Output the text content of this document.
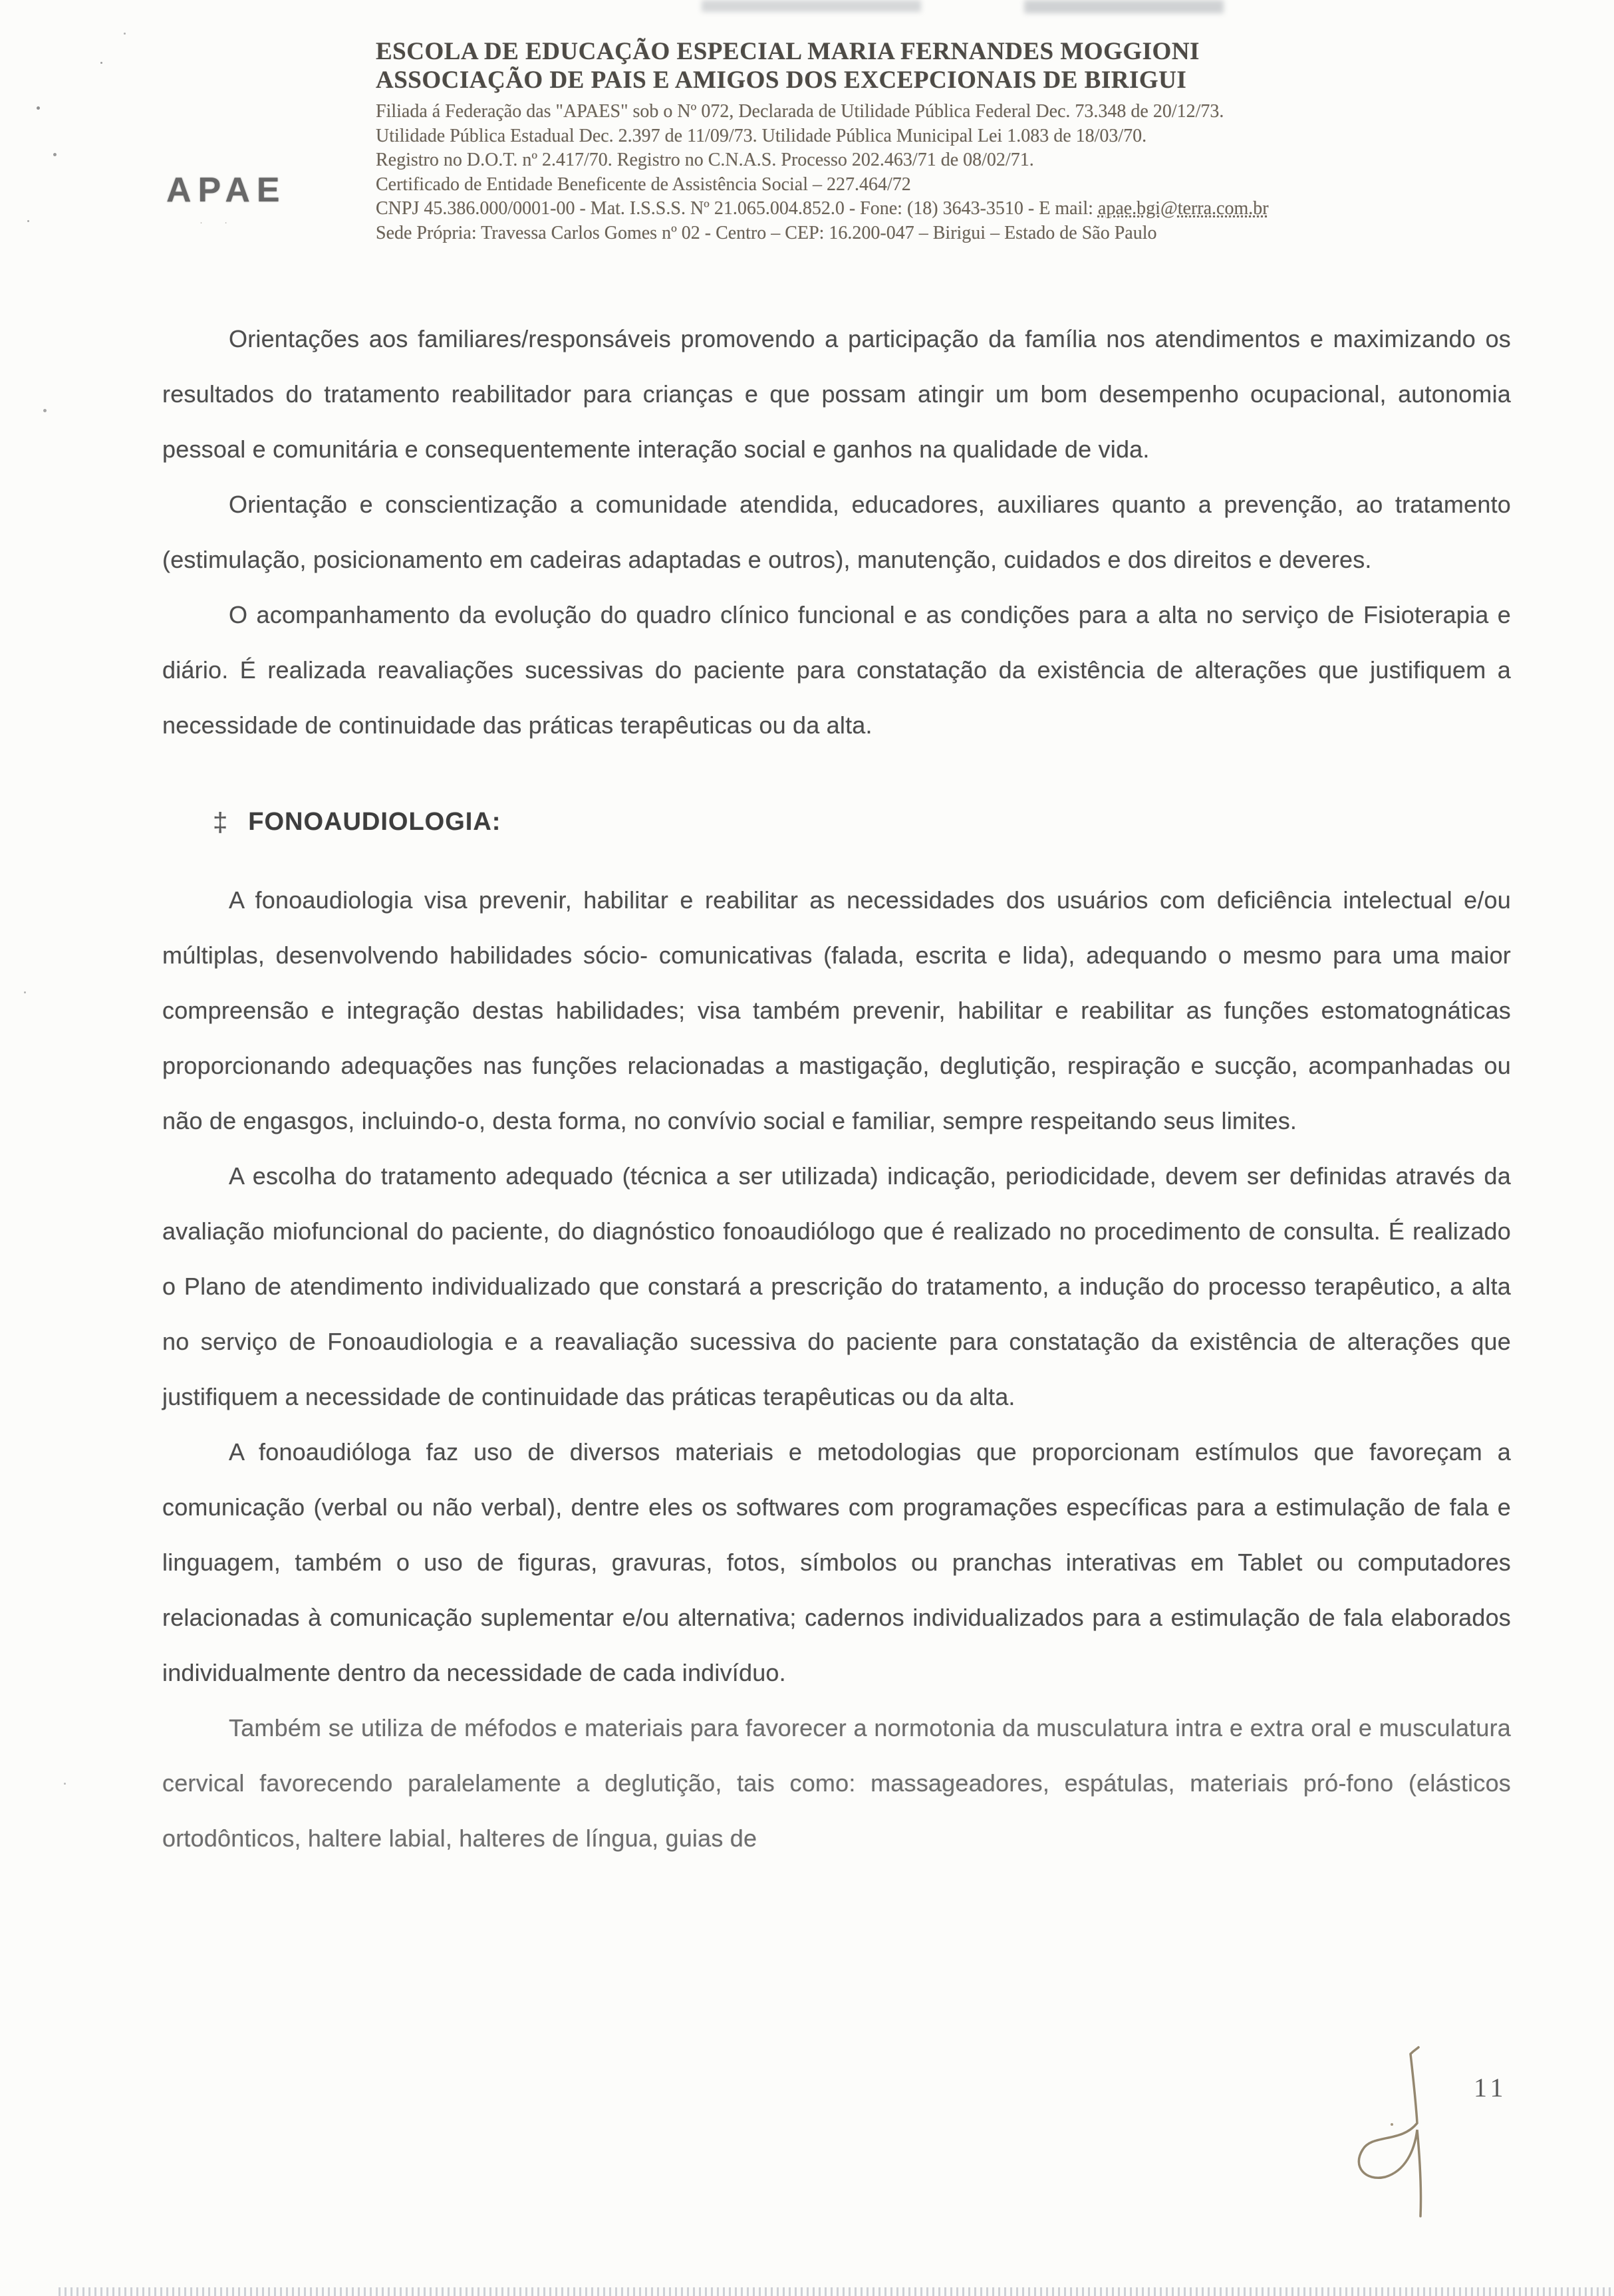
APAE
· ·
ESCOLA DE EDUCAÇÃO ESPECIAL MARIA FERNANDES MOGGIONI
ASSOCIAÇÃO DE PAIS E AMIGOS DOS EXCEPCIONAIS DE BIRIGUI
Filiada á Federação das "APAES" sob o Nº 072, Declarada de Utilidade Pública Federal Dec. 73.348 de 20/12/73.
Utilidade Pública Estadual Dec. 2.397 de 11/09/73. Utilidade Pública Municipal Lei 1.083 de 18/03/70.
Registro no D.O.T. nº 2.417/70. Registro no C.N.A.S. Processo 202.463/71 de 08/02/71.
Certificado de Entidade Beneficente de Assistência Social – 227.464/72
CNPJ 45.386.000/0001-00 - Mat. I.S.S.S. Nº 21.065.004.852.0 - Fone: (18) 3643-3510 - E mail: apae.bgi@terra.com.br
Sede Própria: Travessa Carlos Gomes nº 02 - Centro – CEP: 16.200-047 – Birigui – Estado de São Paulo

Orientações aos familiares/responsáveis promovendo a participação da família nos atendimentos e maximizando os resultados do tratamento reabilitador para crianças e que possam atingir um bom desempenho ocupacional, autonomia pessoal e comunitária e consequentemente interação social e ganhos na qualidade de vida.

Orientação e conscientização a comunidade atendida, educadores, auxiliares quanto a prevenção, ao tratamento (estimulação, posicionamento em cadeiras adaptadas e outros), manutenção, cuidados e dos direitos e deveres.

O acompanhamento da evolução do quadro clínico funcional e as condições para a alta no serviço de Fisioterapia e diário. É realizada reavaliações sucessivas do paciente para constatação da existência de alterações que justifiquem a necessidade de continuidade das práticas terapêuticas ou da alta.

‡ FONOAUDIOLOGIA:

A fonoaudiologia visa prevenir, habilitar e reabilitar as necessidades dos usuários com deficiência intelectual e/ou múltiplas, desenvolvendo habilidades sócio- comunicativas (falada, escrita e lida), adequando o mesmo para uma maior compreensão e integração destas habilidades; visa também prevenir, habilitar e reabilitar as funções estomatognáticas proporcionando adequações nas funções relacionadas a mastigação, deglutição, respiração e sucção, acompanhadas ou não de engasgos, incluindo-o, desta forma, no convívio social e familiar, sempre respeitando seus limites.

A escolha do tratamento adequado (técnica a ser utilizada) indicação, periodicidade, devem ser definidas através da avaliação miofuncional do paciente, do diagnóstico fonoaudiólogo que é realizado no procedimento de consulta. É realizado o Plano de atendimento individualizado que constará a prescrição do tratamento, a indução do processo terapêutico, a alta no serviço de Fonoaudiologia e a reavaliação sucessiva do paciente para constatação da existência de alterações que justifiquem a necessidade de continuidade das práticas terapêuticas ou da alta.

A fonoaudióloga faz uso de diversos materiais e metodologias que proporcionam estímulos que favoreçam a comunicação (verbal ou não verbal), dentre eles os softwares com programações específicas para a estimulação de fala e linguagem, também o uso de figuras, gravuras, fotos, símbolos ou pranchas interativas em Tablet ou computadores relacionadas à comunicação suplementar e/ou alternativa; cadernos individualizados para a estimulação de fala elaborados individualmente dentro da necessidade de cada indivíduo.

Também se utiliza de méfodos e materiais para favorecer a normotonia da musculatura intra e extra oral e musculatura cervical favorecendo paralelamente a deglutição, tais como: massageadores, espátulas, materiais pró-fono (elásticos ortodônticos, haltere labial, halteres de língua, guias de

11
